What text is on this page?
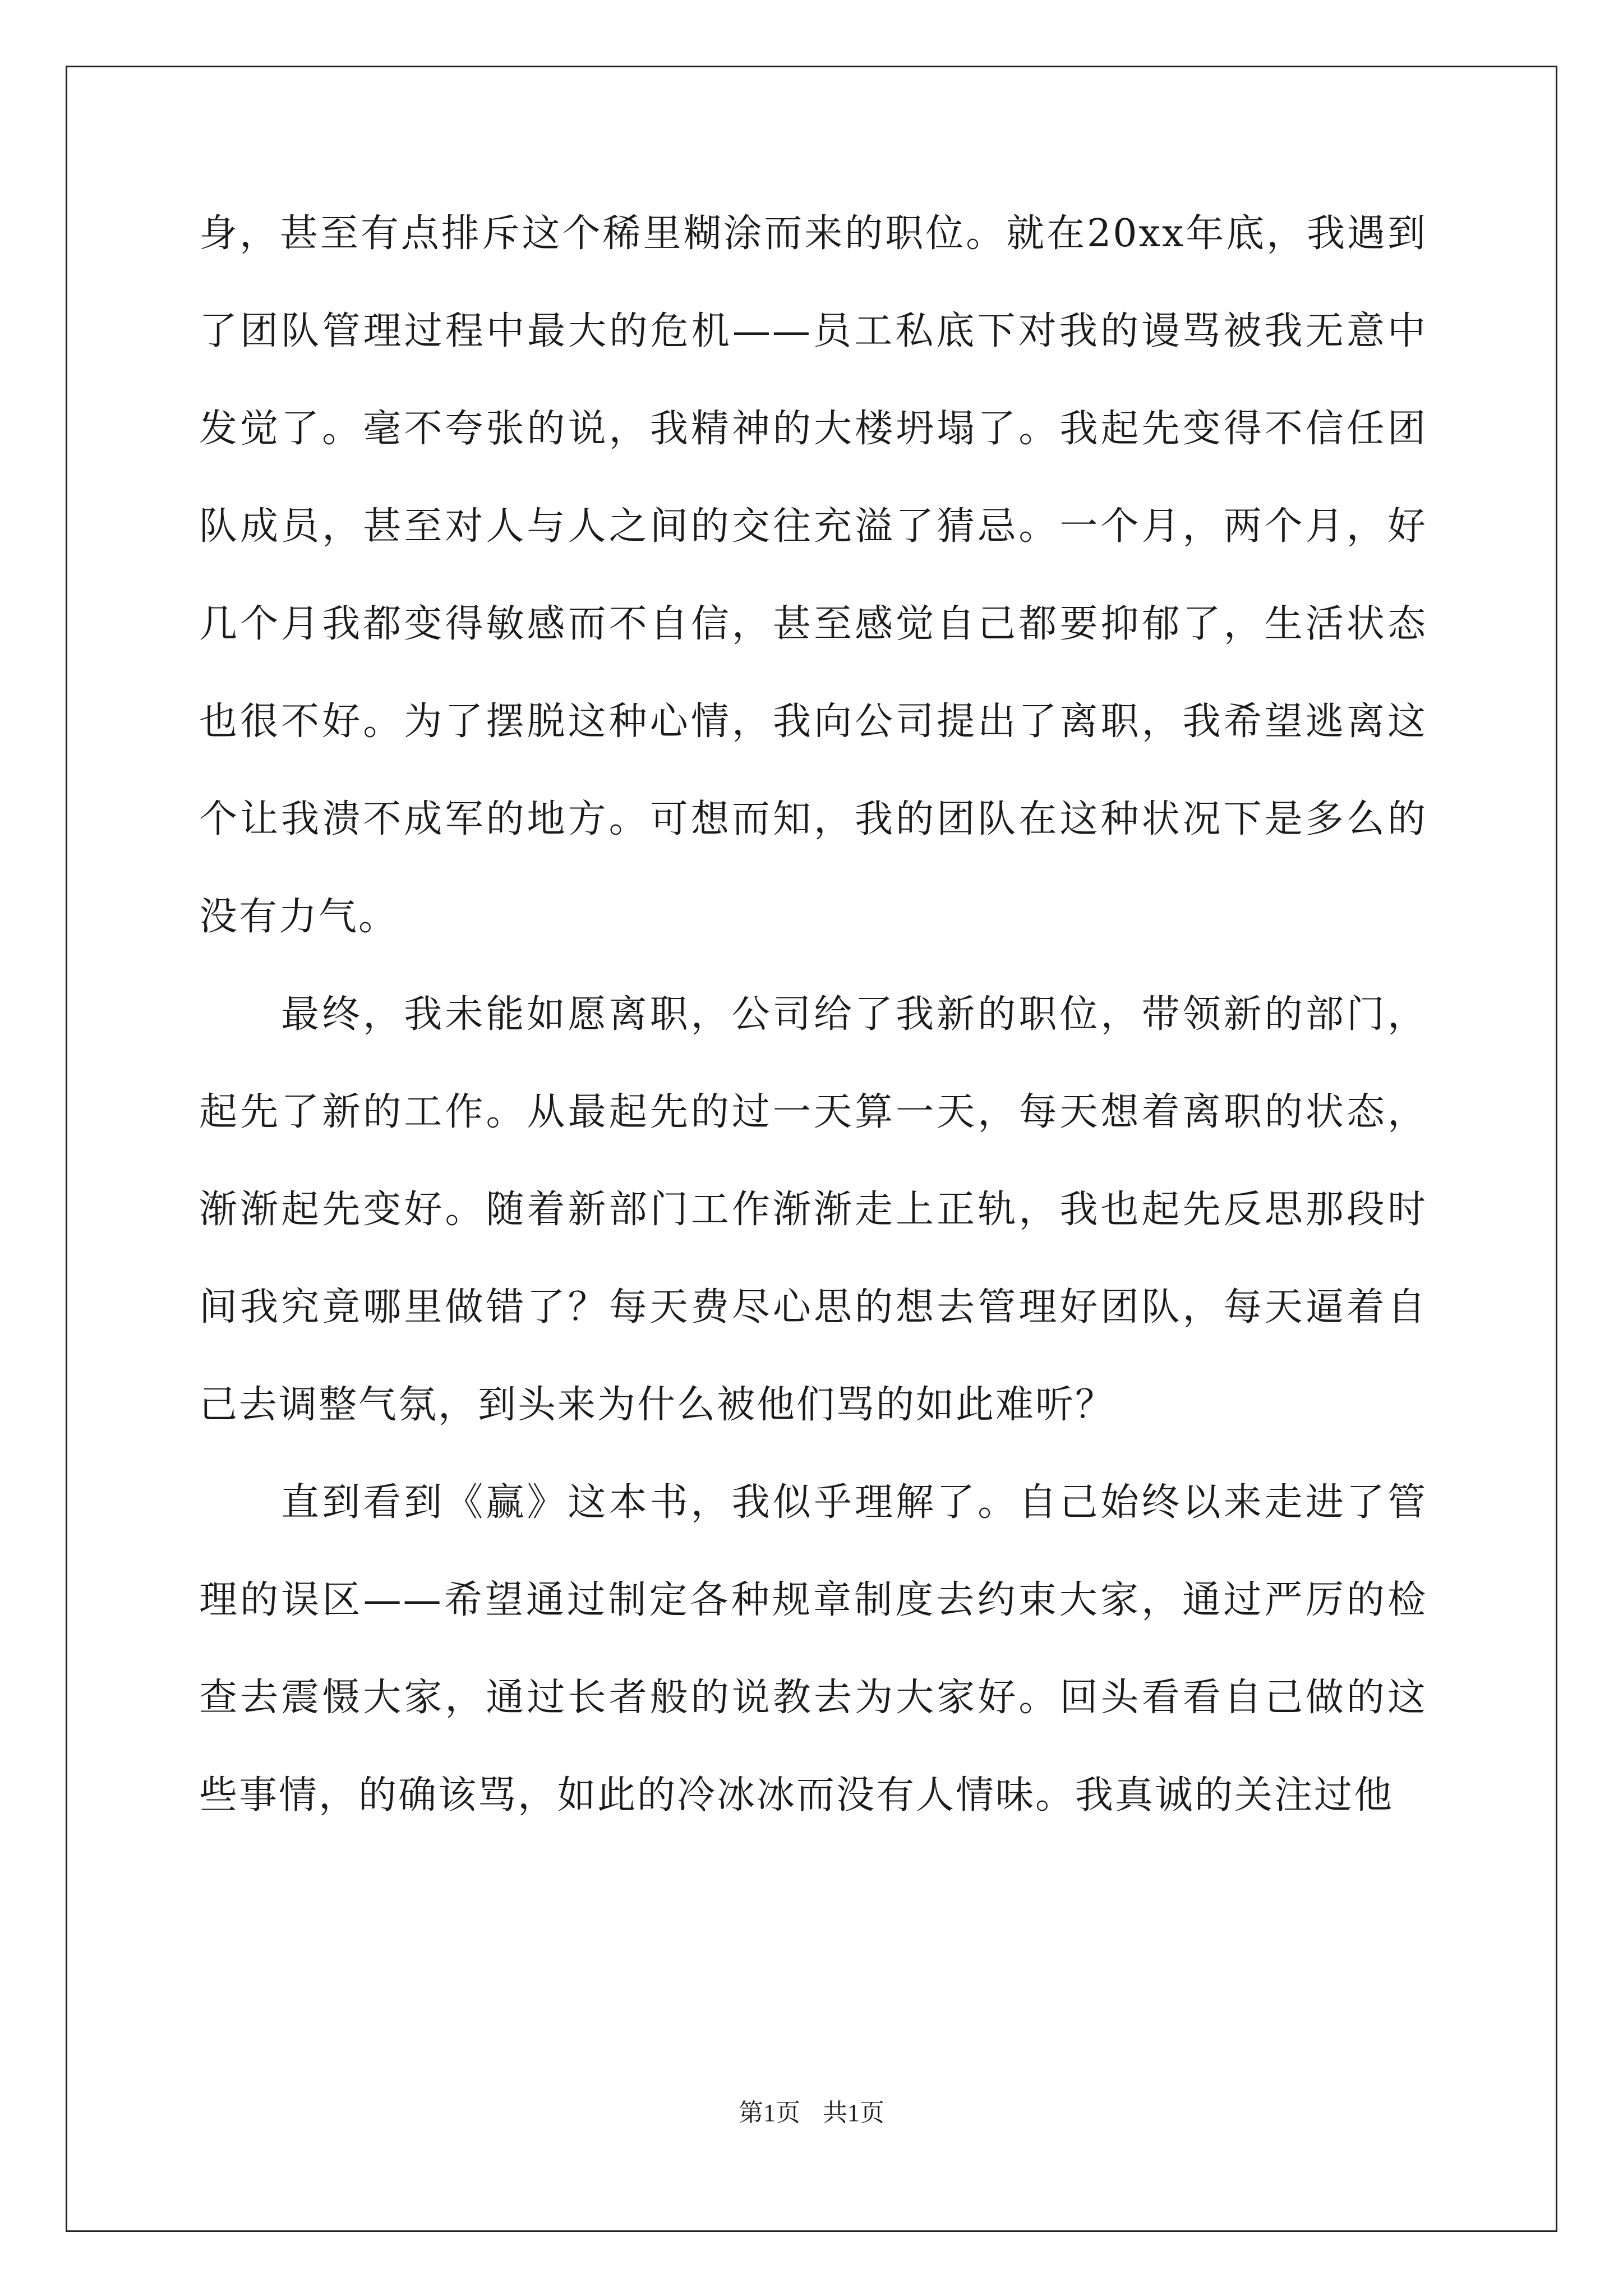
身，甚至有点排斥这个稀里糊涂而来的职位。就在20xx年底，我遇到了团队管理过程中最大的危机——员工私底下对我的谩骂被我无意中发觉了。毫不夸张的说，我精神的大楼坍塌了。我起先变得不信任团队成员，甚至对人与人之间的交往充溢了猜忌。一个月，两个月，好几个月我都变得敏感而不自信，甚至感觉自己都要抑郁了，生活状态也很不好。为了摆脱这种心情，我向公司提出了离职，我希望逃离这个让我溃不成军的地方。可想而知，我的团队在这种状况下是多么的没有力气。

最终，我未能如愿离职，公司给了我新的职位，带领新的部门，起先了新的工作。从最起先的过一天算一天，每天想着离职的状态，渐渐起先变好。随着新部门工作渐渐走上正轨，我也起先反思那段时间我究竟哪里做错了？每天费尽心思的想去管理好团队，每天逼着自己去调整气氛，到头来为什么被他们骂的如此难听？

直到看到《赢》这本书，我似乎理解了。自己始终以来走进了管理的误区——希望通过制定各种规章制度去约束大家，通过严厉的检查去震慑大家，通过长者般的说教去为大家好。回头看看自己做的这些事情，的确该骂，如此的冷冰冰而没有人情味。我真诚的关注过他

第1页 共1页
